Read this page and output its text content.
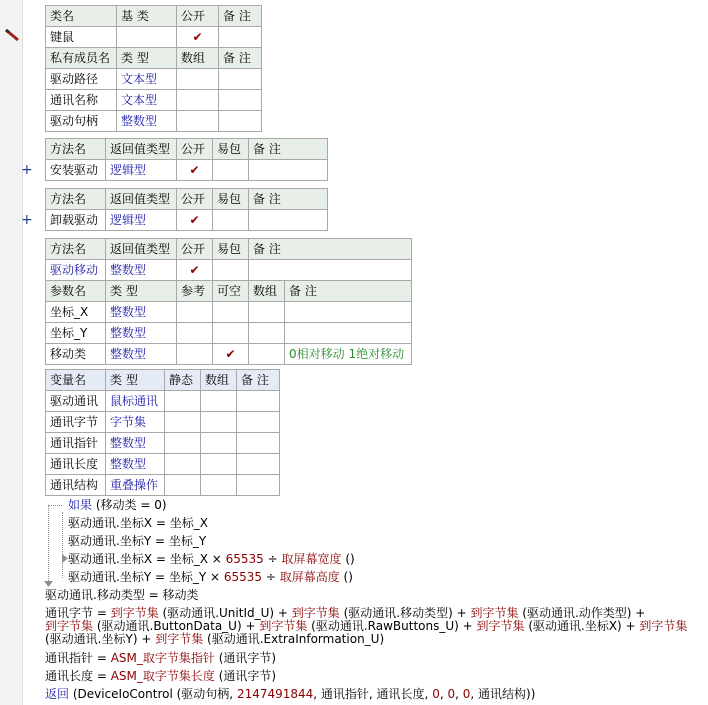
类名	基 类	公开	备 注
键鼠		✔	
私有成员名	类 型	数组	备 注
驱动路径	文本型		
通讯名称	文本型		
驱动句柄	整数型		
+
方法名	返回值类型	公开	易包	备 注
安装驱动	逻辑型	✔		
+
方法名	返回值类型	公开	易包	备 注
卸载驱动	逻辑型	✔		
方法名	返回值类型	公开	易包	备 注	
驱动移动	整数型	✔			
参数名	类 型	参考	可空	数组	备 注
坐标_X	整数型				
坐标_Y	整数型				
移动类	整数型		✔		0相对移动 1绝对移动
变量名	类 型	静态	数组	备 注
驱动通讯	鼠标通讯			
通讯字节	字节集			
通讯指针	整数型			
通讯长度	整数型			
通讯结构	重叠操作			
如果 (移动类 = 0)
驱动通讯.坐标X = 坐标_X
驱动通讯.坐标Y = 坐标_Y
驱动通讯.坐标X = 坐标_X × 65535 ÷ 取屏幕宽度 ()
驱动通讯.坐标Y = 坐标_Y × 65535 ÷ 取屏幕高度 ()
驱动通讯.移动类型 = 移动类
通讯字节 = 到字节集 (驱动通讯.UnitId_U) + 到字节集 (驱动通讯.移动类型) + 到字节集 (驱动通讯.动作类型) +
到字节集 (驱动通讯.ButtonData_U) + 到字节集 (驱动通讯.RawButtons_U) + 到字节集 (驱动通讯.坐标X) + 到字节集
(驱动通讯.坐标Y) + 到字节集 (驱动通讯.ExtraInformation_U)
通讯指针 = ASM_取字节集指针 (通讯字节)
通讯长度 = ASM_取字节集长度 (通讯字节)
返回 (DeviceIoControl (驱动句柄, 2147491844, 通讯指针, 通讯长度, 0, 0, 0, 通讯结构))
